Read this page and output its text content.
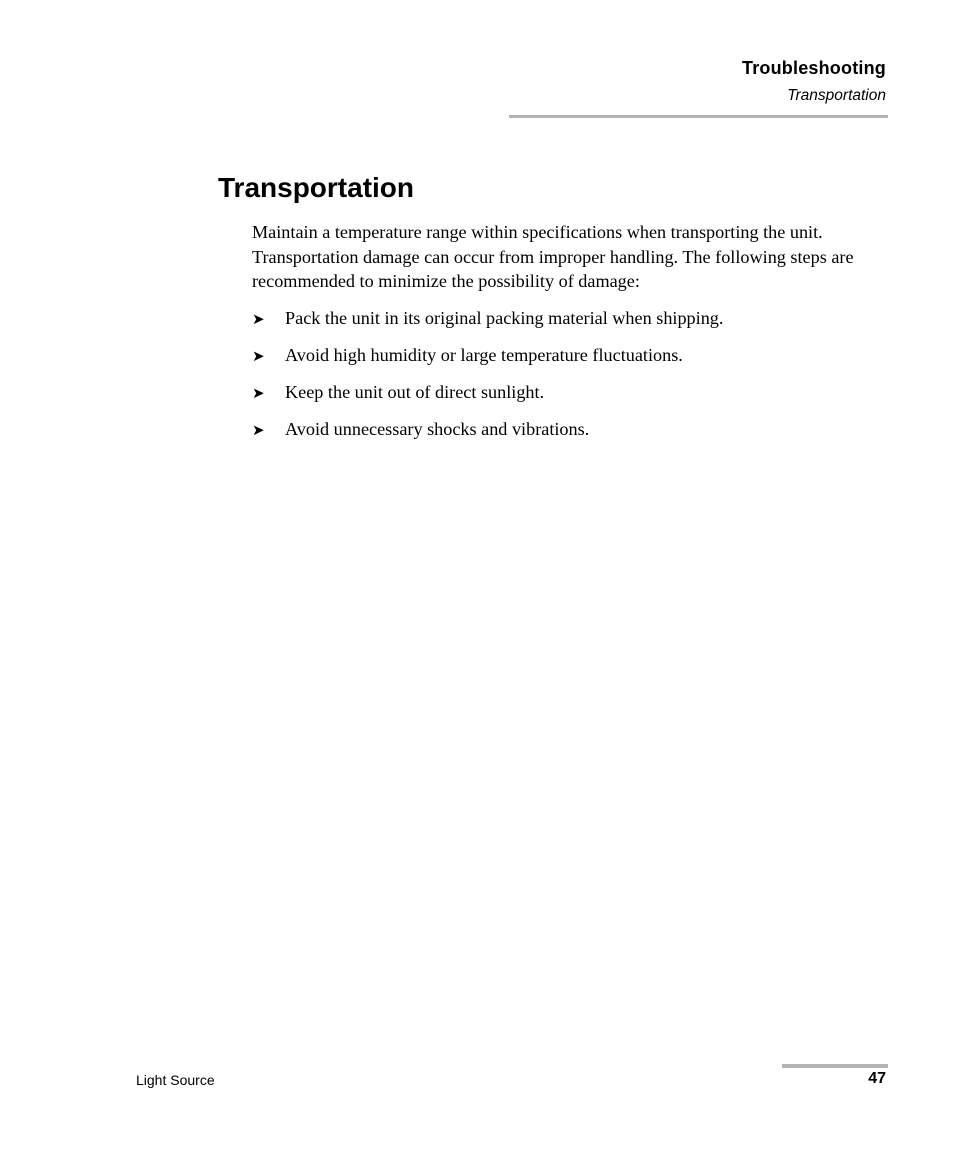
Troubleshooting
Transportation
Transportation

Maintain a temperature range within specifications when transporting the unit. Transportation damage can occur from improper handling. The following steps are recommended to minimize the possibility of damage:

➤	Pack the unit in its original packing material when shipping.
➤	Avoid high humidity or large temperature fluctuations.
➤	Keep the unit out of direct sunlight.
➤	Avoid unnecessary shocks and vibrations.
Light Source	47
